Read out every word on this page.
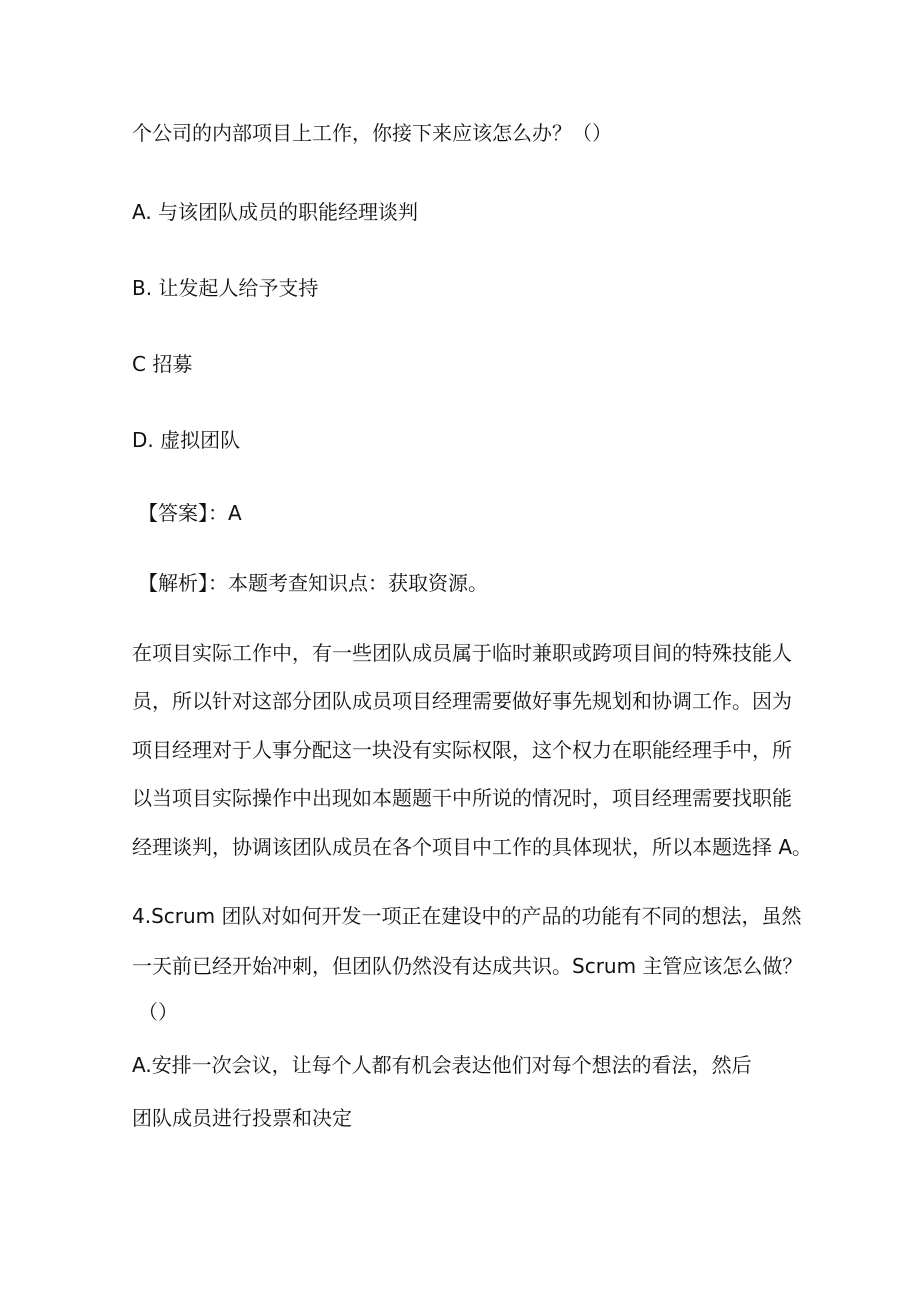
个公司的内部项目上工作，你接下来应该怎么办？（）
A. 与该团队成员的职能经理谈判
B. 让发起人给予支持
C 招募
D. 虚拟团队
【答案】：A
【解析】：本题考查知识点：获取资源。
在项目实际工作中，有一些团队成员属于临时兼职或跨项目间的特殊技能人
员，所以针对这部分团队成员项目经理需要做好事先规划和协调工作。因为
项目经理对于人事分配这一块没有实际权限，这个权力在职能经理手中，所
以当项目实际操作中出现如本题题干中所说的情况时，项目经理需要找职能
经理谈判，协调该团队成员在各个项目中工作的具体现状，所以本题选择 A。
4.Scrum 团队对如何开发一项正在建设中的产品的功能有不同的想法，虽然
一天前已经开始冲刺，但团队仍然没有达成共识。Scrum 主管应该怎么做？
（）
A.安排一次会议，让每个人都有机会表达他们对每个想法的看法，然后
团队成员进行投票和决定
